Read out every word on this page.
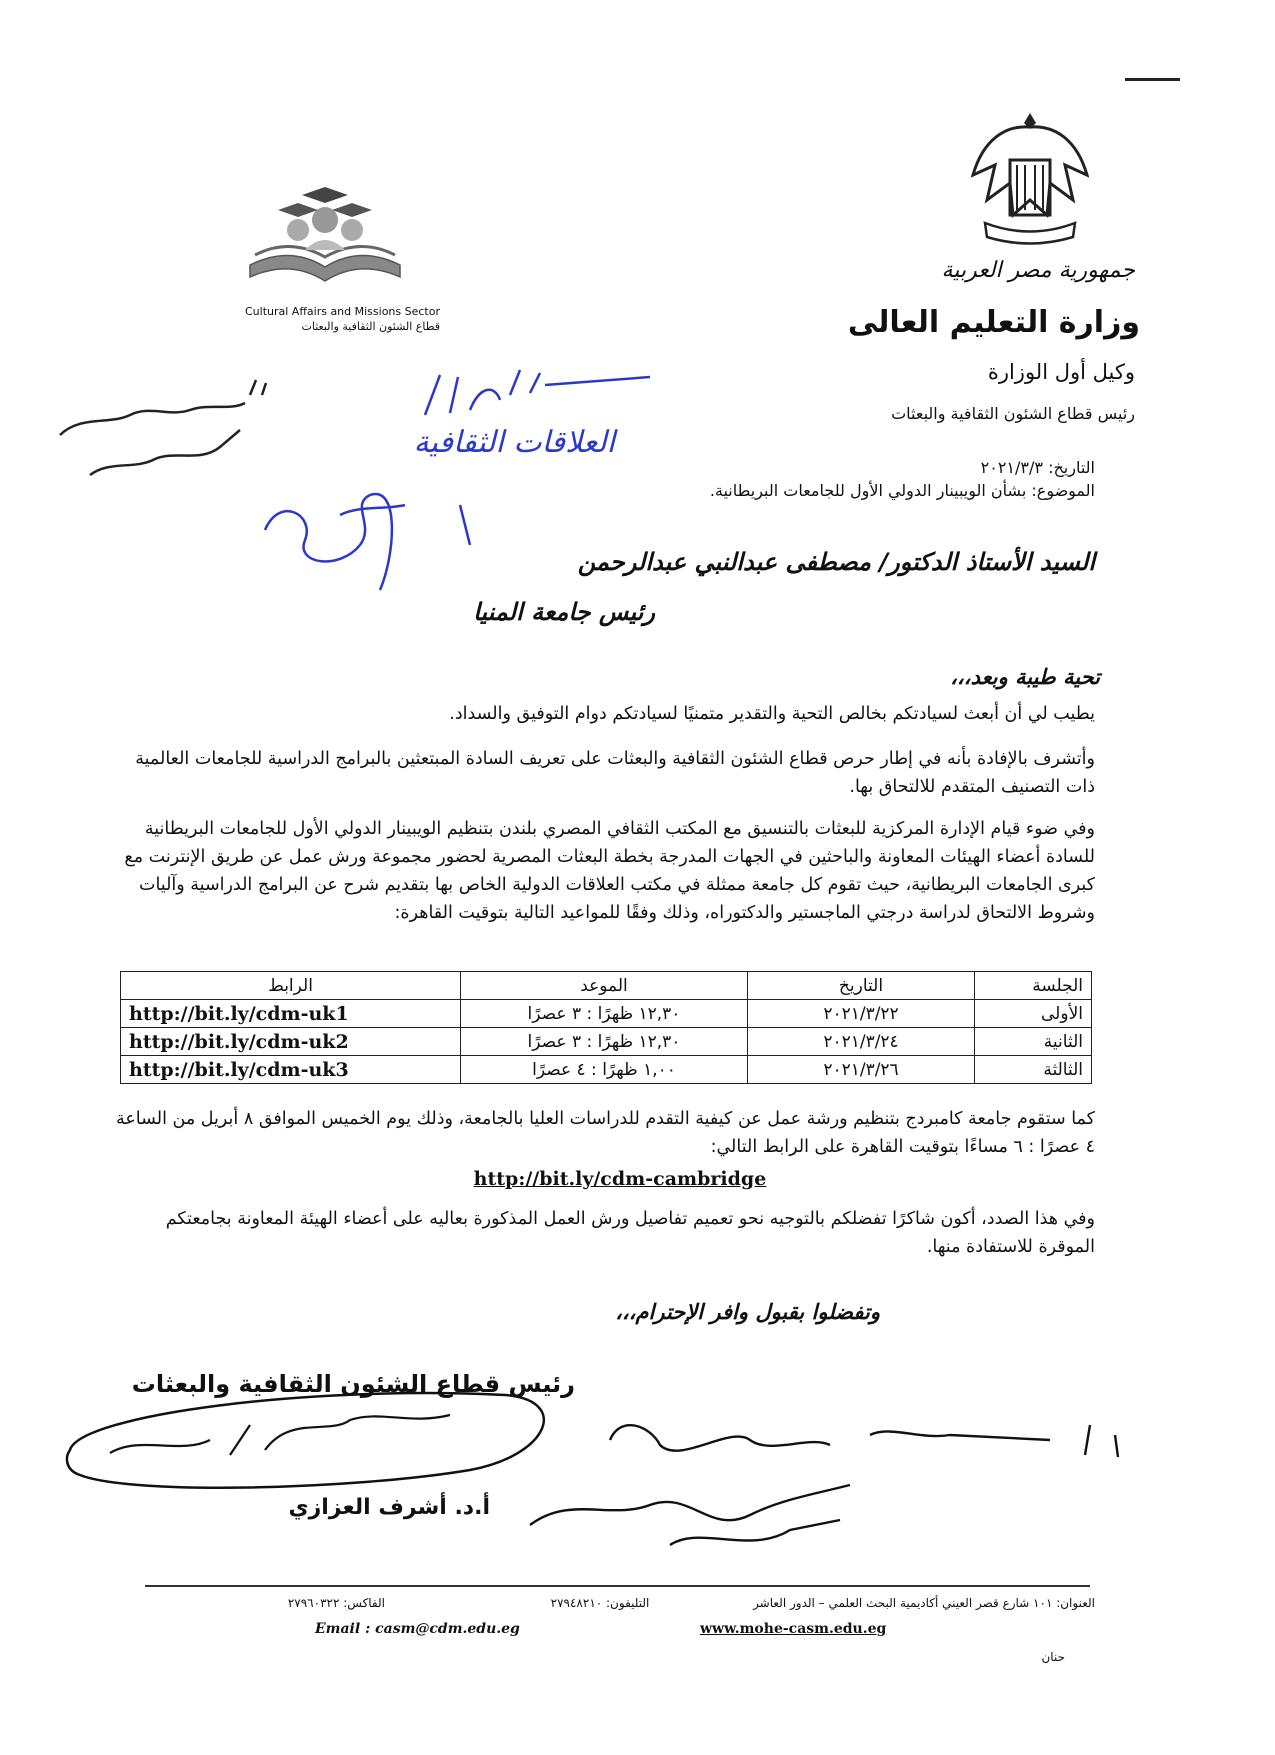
جمهورية مصر العربية
وزارة التعليم العالى
وكيل أول الوزارة
رئيس قطاع الشئون الثقافية والبعثات
Cultural Affairs and Missions Sector
قطاع الشئون الثقافية والبعثات
العلاقات الثقافية
التاريخ: ٢٠٢١/٣/٣
الموضوع: بشأن الويبينار الدولي الأول للجامعات البريطانية.
السيد الأستاذ الدكتور/ مصطفى عبدالنبي عبدالرحمن
رئيس جامعة المنيا
تحية طيبة وبعد،،،
يطيب لي أن أبعث لسيادتكم بخالص التحية والتقدير متمنيًا لسيادتكم دوام التوفيق والسداد.
وأتشرف بالإفادة بأنه في إطار حرص قطاع الشئون الثقافية والبعثات على تعريف السادة المبتعثين بالبرامج الدراسية للجامعات العالمية ذات التصنيف المتقدم للالتحاق بها.
وفي ضوء قيام الإدارة المركزية للبعثات بالتنسيق مع المكتب الثقافي المصري بلندن بتنظيم الويبينار الدولي الأول للجامعات البريطانية للسادة أعضاء الهيئات المعاونة والباحثين في الجهات المدرجة بخطة البعثات المصرية لحضور مجموعة ورش عمل عن طريق الإنترنت مع كبرى الجامعات البريطانية، حيث تقوم كل جامعة ممثلة في مكتب العلاقات الدولية الخاص بها بتقديم شرح عن البرامج الدراسية وآليات وشروط الالتحاق لدراسة درجتي الماجستير والدكتوراه، وذلك وفقًا للمواعيد التالية بتوقيت القاهرة:
الجلسة	التاريخ	الموعد	الرابط
الأولى	٢٠٢١/٣/٢٢	١٢,٣٠ ظهرًا : ٣ عصرًا	http://bit.ly/cdm-uk1
الثانية	٢٠٢١/٣/٢٤	١٢,٣٠ ظهرًا : ٣ عصرًا	http://bit.ly/cdm-uk2
الثالثة	٢٠٢١/٣/٢٦	١,٠٠ ظهرًا : ٤ عصرًا	http://bit.ly/cdm-uk3
كما ستقوم جامعة كامبردج بتنظيم ورشة عمل عن كيفية التقدم للدراسات العليا بالجامعة، وذلك يوم الخميس الموافق ٨ أبريل من الساعة ٤ عصرًا : ٦ مساءًا بتوقيت القاهرة على الرابط التالي:
http://bit.ly/cdm-cambridge
وفي هذا الصدد، أكون شاكرًا تفضلكم بالتوجيه نحو تعميم تفاصيل ورش العمل المذكورة بعاليه على أعضاء الهيئة المعاونة بجامعتكم الموقرة للاستفادة منها.
وتفضلوا بقبول وافر الإحترام،،،
رئيس قطاع الشئون الثقافية والبعثات
أ.د. أشرف العزازي
العنوان: ١٠١ شارع قصر العيني أكاديمية البحث العلمي – الدور العاشر
التليفون: ٢٧٩٤٨٢١٠
الفاكس: ٢٧٩٦٠٣٢٢
Email : casm@cdm.edu.eg	www.mohe-casm.edu.eg
حنان
